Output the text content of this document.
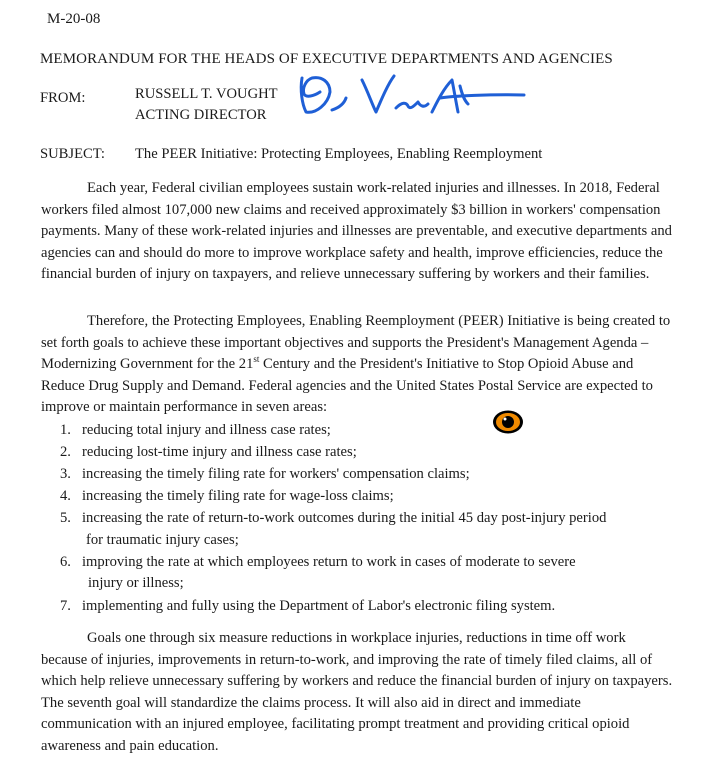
M-20-08
MEMORANDUM FOR THE HEADS OF EXECUTIVE DEPARTMENTS AND AGENCIES
FROM:	RUSSELL T. VOUGHT
ACTING DIRECTOR
SUBJECT: The PEER Initiative: Protecting Employees, Enabling Reemployment

Each year, Federal civilian employees sustain work-related injuries and illnesses. In 2018, Federal workers filed almost 107,000 new claims and received approximately $3 billion in workers' compensation payments. Many of these work-related injuries and illnesses are preventable, and executive departments and agencies can and should do more to improve workplace safety and health, improve efficiencies, reduce the financial burden of injury on taxpayers, and relieve unnecessary suffering by workers and their families.

Therefore, the Protecting Employees, Enabling Reemployment (PEER) Initiative is being created to set forth goals to achieve these important objectives and supports the President's Management Agenda – Modernizing Government for the 21st Century and the President's Initiative to Stop Opioid Abuse and Reduce Drug Supply and Demand. Federal agencies and the United States Postal Service are expected to improve or maintain performance in seven areas:

1. reducing total injury and illness case rates;
2. reducing lost-time injury and illness case rates;
3. increasing the timely filing rate for workers' compensation claims;
4. increasing the timely filing rate for wage-loss claims;
5. increasing the rate of return-to-work outcomes during the initial 45 day post-injury period
for traumatic injury cases;
6. improving the rate at which employees return to work in cases of moderate to severe
injury or illness;
7. implementing and fully using the Department of Labor's electronic filing system.

Goals one through six measure reductions in workplace injuries, reductions in time off work because of injuries, improvements in return-to-work, and improving the rate of timely filed claims, all of which help relieve unnecessary suffering by workers and reduce the financial burden of injury on taxpayers. The seventh goal will standardize the claims process. It will also aid in direct and immediate communication with an injured employee, facilitating prompt treatment and providing critical opioid awareness and pain education.
